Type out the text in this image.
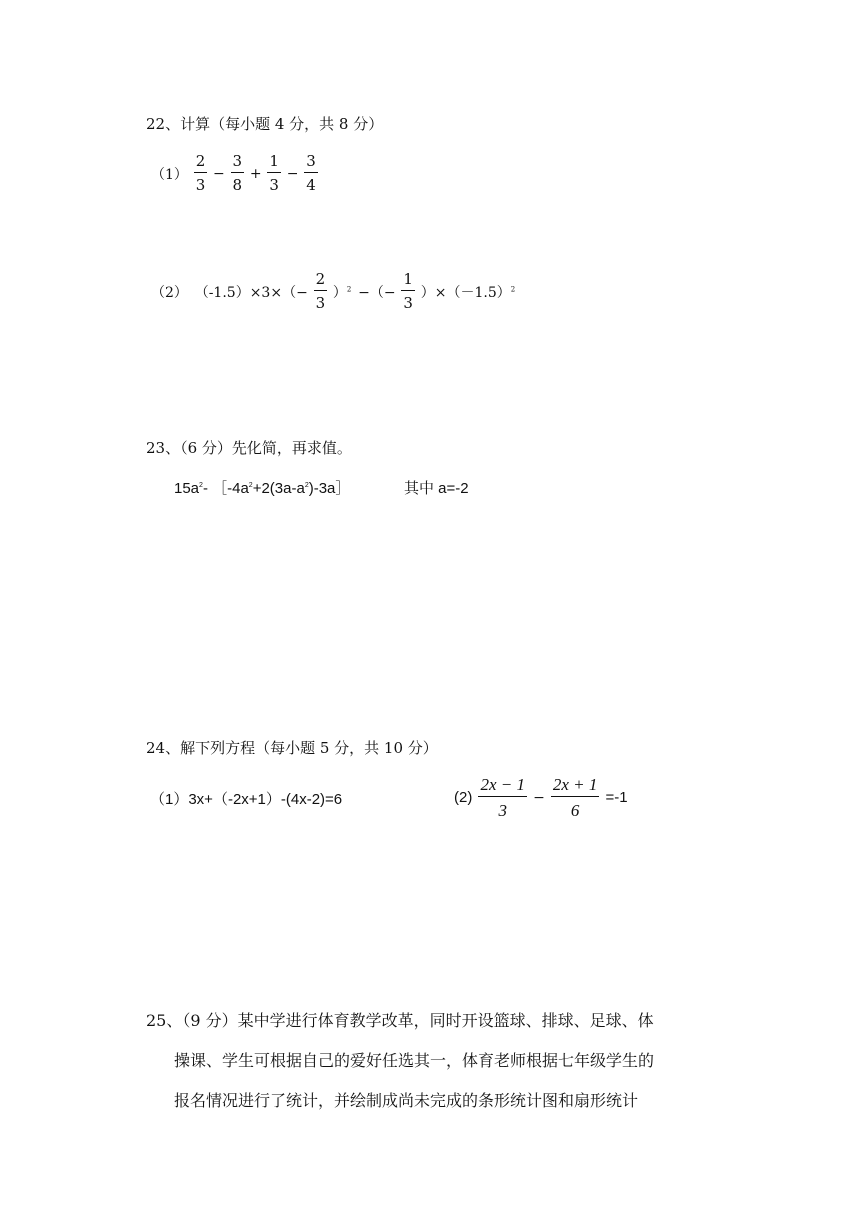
22、计算（每小题 4 分，共 8 分）
$(1) \frac{2}{3} - \frac{3}{8} + \frac{1}{3} - \frac{3}{4}$
（2） $(-1.5)\times 3\times(- \frac{2}{3} )^2$ −（− $\frac{1}{3} )\times(-1.5)^2$
23、（6 分）先化简，再求值。
$15a^2-$ $[-4a^2+2(3a-a^2)-3a]$	其中 a=-2
24、解下列方程（每小题 5 分，共 10 分）
（1）3x+（-2x+1）-(4x-2)=6	$(2) \frac{2x - 1}{3} - \frac{2x + 1}{6} =-1$
25、（9 分）某中学进行体育教学改革，同时开设篮球、排球、足球、体
操课、学生可根据自己的爱好任选其一，体育老师根据七年级学生的
报名情况进行了统计，并绘制成尚未完成的条形统计图和扇形统计
